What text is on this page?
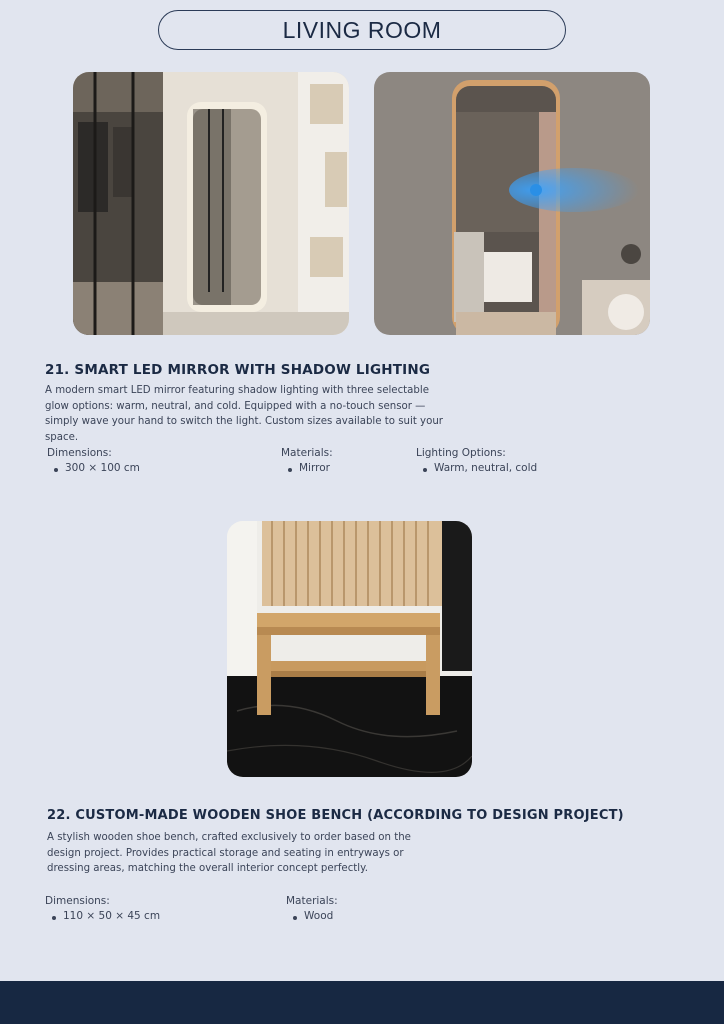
LIVING ROOM
21. SMART LED MIRROR WITH SHADOW LIGHTING
A modern smart LED mirror featuring shadow lighting with three selectable glow options: warm, neutral, and cold. Equipped with a no-touch sensor — simply wave your hand to switch the light. Custom sizes available to suit your space.
Dimensions:
300 × 100 cm
Materials:
Mirror
Lighting Options:
Warm, neutral, cold
22. CUSTOM-MADE WOODEN SHOE BENCH (ACCORDING TO DESIGN PROJECT)
A stylish wooden shoe bench, crafted exclusively to order based on the design project. Provides practical storage and seating in entryways or dressing areas, matching the overall interior concept perfectly.
Dimensions:
110 × 50 × 45 cm
Materials:
Wood
